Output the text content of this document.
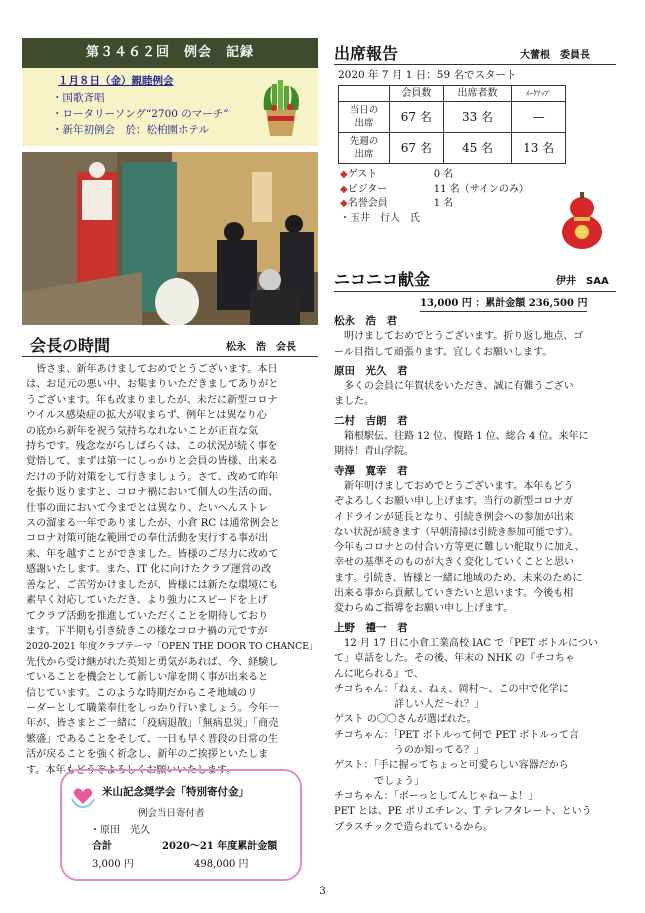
第３４６２回　例会　記録
１月８日（金）親睦例会
・国歌斉唱
・ロータリーソング“2700 のマーチ”
・新年初例会　於：松柏園ホテル
会長の時間	松永　浩　会長
皆さま、新年あけましておめでとうございます。本日
は、お足元の悪い中、お集まりいただきましてありがと
うございます。年も改まりましたが、未だに新型コロナ
ウイルス感染症の拡大が収まらず、例年とは異なり心
の底から新年を祝う気持ちなれないことが正直な気
持ちです。残念ながらしばらくは、この状況が続く事を
覚悟して、まずは第一にしっかりと会員の皆様、出来る
だけの予防対策をして行きましょう。さて、改めて昨年
を振り返りますと、コロナ禍において個人の生活の面、
仕事の面において今までとは異なり、たいへんストレ
スの溜まる一年でありましたが、小倉 RC は通常例会と
コロナ対策可能な範囲での奉仕活動を実行する事が出
来、年を越すことができました。皆様のご尽力に改めて
感謝いたします。また、IT 化に向けたクラブ運営の改
善など、ご苦労かけましたが、皆様には新たな環境にも
素早く対応していただき、より強力にスピードを上げ
てクラブ活動を推進していただくことを期待しており
ます。下半期も引き続きこの様なコロナ禍の元ですが
2020-2021 年度クラブテーマ「OPEN THE DOOR TO CHANCE」
先代から受け継がれた英知と勇気があれば、今、経験し
ていることを機会として新しい扉を開く事が出来ると
信じています。このような時期だからこそ地域のリ
ーダーとして職業奉仕をしっかり行いましょう。今年一
年が、皆さまとご一緒に「疫病退散」「無病息災」「商売
繁盛」であることをそして、一日も早く普段の日常の生
活が戻ることを強く祈念し、新年のご挨拶といたしま
す。本年もどうぞよろしくお願いいたします。
米山記念奨学会「特別寄付金」
例会当日寄付者
・原田　光久
合計	2020～21 年度累計金額
3,000 円	498,000 円
出席報告	大蕾根　委員長
2020 年 7 月 1 日：59 名でスタート
	会員数	出席者数	ﾒｰｸｱｯﾌﾟ
当日の
出席	67 名	33 名	—
先週の
出席	67 名	45 名	13 名
◆ゲスト	0 名
◆ビジター	11 名（サインのみ）
◆名誉会員	1 名
・玉井　行人　氏
ニコニコ献金	伊井　SAA
13,000 円 ：累計金額 236,500 円
松永　浩　君
明けましておめでとうございます。折り返し地点、ゴ
ール目指して頑張ります。宜しくお願いします。
原田　光久　君
多くの会員に年賀状をいただき、誠に有難うござい
ました。
二村　吉朗　君
箱根駅伝、往路 12 位、復路 1 位、総合 4 位。来年に
期待！青山学院。
寺澤　寛幸　君
新年明けましておめでとうございます。本年もどう
ぞよろしくお願い申し上げます。当行の新型コロナガ
イドラインが延長となり、引続き例会への参加が出来
ない状況が続きます（早朝清掃は引続き参加可能です）。
今年もコロナとの付合い方等更に難しい舵取りに加え、
幸せの基準そのものが大きく変化していくことと思い
ます。引続き、皆様と一緒に地域のため、未来のために
出来る事から貢献していきたいと思います。今後も相
変わらぬご指導をお願い申し上げます。
上野　禮一　君
12 月 17 日に小倉工業高校 IAC で「PET ボトルについ
て」卓話をした。その後、年末の NHK の『チコちゃ
んに叱られる』で、
チコちゃん：「ねぇ、ねぇ、岡村～、この中で化学に
　　　　　　詳しい人だ～れ？」
ゲスト の〇〇さんが選ばれた。
チコちゃん：「PET ボトルって何で PET ボトルって言
　　　　　　うのか知ってる？」
ゲスト：「手に握ってちょっと可愛らしい容器だから
　　　　でしょう」
チコちゃん：「ボーっとしてんじゃねーよ！」
PET とは、PE ポリエチレン、T テレフタレート、という
プラスチックで造られているから。
3
